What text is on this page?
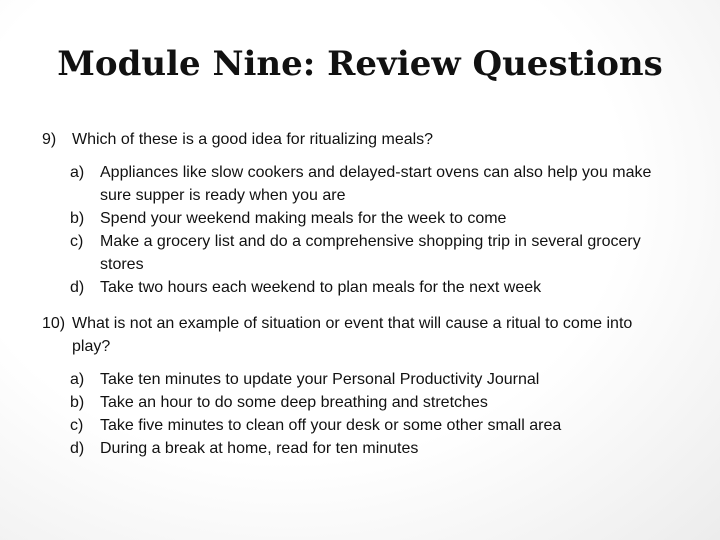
Module Nine: Review Questions
9) Which of these is a good idea for ritualizing meals?
a) Appliances like slow cookers and delayed-start ovens can also help you make sure supper is ready when you are
b) Spend your weekend making meals for the week to come
c) Make a grocery list and do a comprehensive shopping trip in several grocery stores
d) Take two hours each weekend to plan meals for the next week
10) What is not an example of situation or event that will cause a ritual to come into play?
a) Take ten minutes to update your Personal Productivity Journal
b) Take an hour to do some deep breathing and stretches
c) Take five minutes to clean off your desk or some other small area
d) During a break at home, read for ten minutes
